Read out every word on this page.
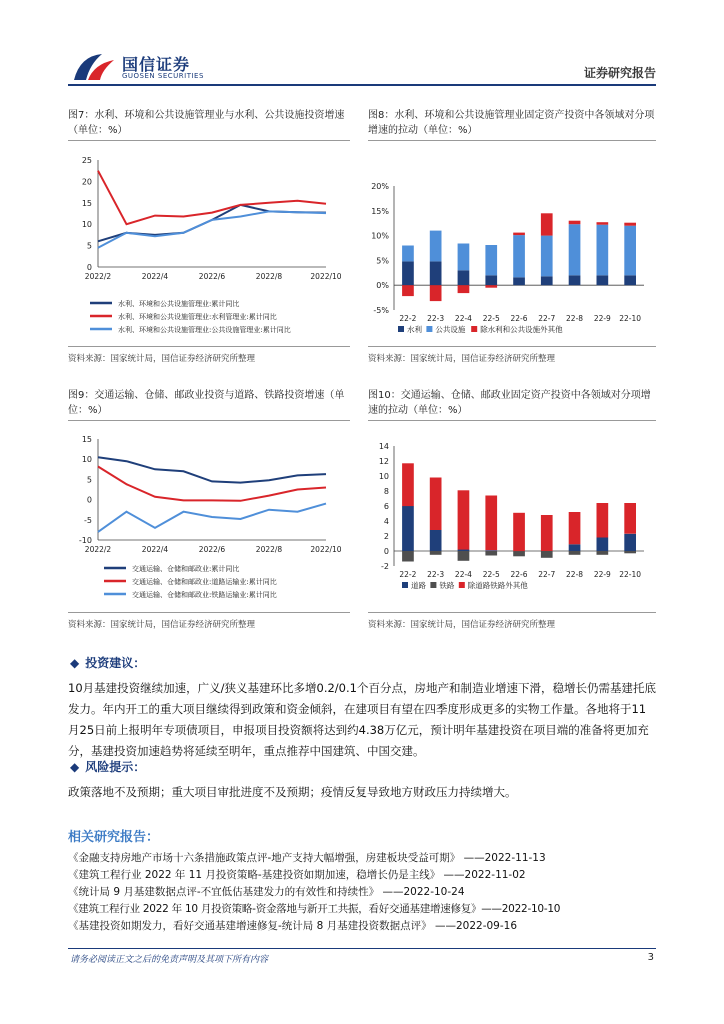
国信证券
GUOSEN SECURITIES	证券研究报告
图7：水利、环境和公共设施管理业与水利、公共设施投资增速（单位：%）
图8：水利、环境和公共设施管理业固定资产投资中各领域对分项增速的拉动（单位：%）
图9：交通运输、仓储、邮政业投资与道路、铁路投资增速（单位：%）
图10：交通运输、仓储、邮政业固定资产投资中各领域对分项增速的拉动（单位：%）
0
5
10
15
20
25
2022/2	2022/4	2022/6	2022/8	2022/10
水利、环境和公共设施管理业:累计同比
水利、环境和公共设施管理业:水利管理业:累计同比
水利、环境和公共设施管理业:公共设施管理业:累计同比
-5%
0%
5%
10%
15%
20%
22-2 22-3 22-4 22-5 22-6 22-7 22-8 22-9 22-10
水利 公共设施 除水利和公共设施外其他
-10
-5
0
5
10
15
2022/2	2022/4	2022/6	2022/8	2022/10
交通运输、仓储和邮政业:累计同比
交通运输、仓储和邮政业:道路运输业:累计同比
交通运输、仓储和邮政业:铁路运输业:累计同比
-2
0
2
4
6
8
10
12
14
22-2 22-3 22-4 22-5 22-6 22-7 22-8 22-9 22-10
道路 铁路 除道路铁路外其他
资料来源：国家统计局，国信证券经济研究所整理	资料来源：国家统计局，国信证券经济研究所整理
资料来源：国家统计局，国信证券经济研究所整理	资料来源：国家统计局，国信证券经济研究所整理
◆ 投资建议：
10月基建投资继续加速，广义/狭义基建环比多增0.2/0.1个百分点，房地产和制造业增速下滑，稳增长仍需基建托底发力。年内开工的重大项目继续得到政策和资金倾斜，在建项目有望在四季度形成更多的实物工作量。各地将于11月25日前上报明年专项债项目，申报项目投资额将达到约4.38万亿元，预计明年基建投资在项目端的准备将更加充分，基建投资加速趋势将延续至明年，重点推荐中国建筑、中国交建。
◆ 风险提示：
政策落地不及预期；重大项目审批进度不及预期；疫情反复导致地方财政压力持续增大。
相关研究报告：
《金融支持房地产市场十六条措施政策点评-地产支持大幅增强，房建板块受益可期》 ——2022-11-13
《建筑工程行业 2022 年 11 月投资策略-基建投资如期加速，稳增长仍是主线》 ——2022-11-02
《统计局 9 月基建数据点评-不宜低估基建发力的有效性和持续性》 ——2022-10-24
《建筑工程行业 2022 年 10 月投资策略-资金落地与新开工共振，看好交通基建增速修复》——2022-10-10
《基建投资如期发力，看好交通基建增速修复-统计局 8 月基建投资数据点评》 ——2022-09-16
请务必阅读正文之后的免责声明及其项下所有内容	3
